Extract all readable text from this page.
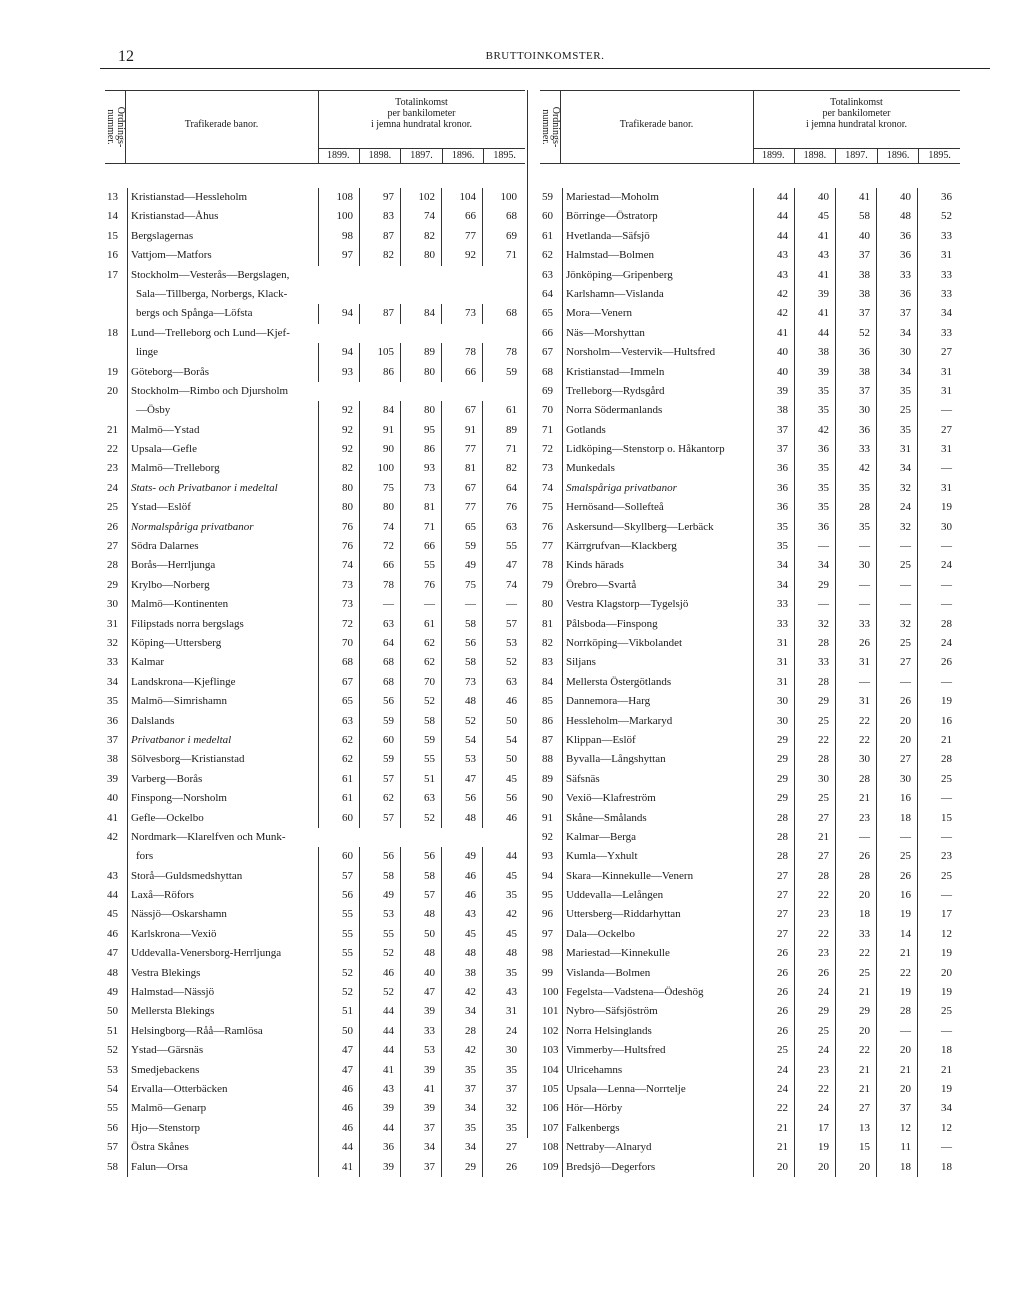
12	BRUTTOINKOMSTER.
Ordnings-nummer.	Trafikerade banor.
Totalinkomst
per bankilometer
i jemna hundratal kronor.
1899.	1898.	1897.	1896.	1895.
13	Kristianstad—Hessleholm	108	97	102	104	100
14	Kristianstad—Åhus	100	83	74	66	68
15	Bergslagernas	98	87	82	77	69
16	Vattjom—Matfors	97	82	80	92	71
17	Stockholm—Vesterås—Bergslagen,
Sala—Tillberga, Norbergs, Klack-
bergs och Spånga—Löfsta	94	87	84	73	68
18	Lund—Trelleborg och Lund—Kjef-
linge	94	105	89	78	78
19	Göteborg—Borås	93	86	80	66	59
20	Stockholm—Rimbo och Djursholm
—Ösby	92	84	80	67	61
21	Malmö—Ystad	92	91	95	91	89
22	Upsala—Gefle	92	90	86	77	71
23	Malmö—Trelleborg	82	100	93	81	82
24	Stats- och Privatbanor i medeltal	80	75	73	67	64
25	Ystad—Eslöf	80	80	81	77	76
26	Normalspåriga privatbanor	76	74	71	65	63
27	Södra Dalarnes	76	72	66	59	55
28	Borås—Herrljunga	74	66	55	49	47
29	Krylbo—Norberg	73	78	76	75	74
30	Malmö—Kontinenten	73	—	—	—	—
31	Filipstads norra bergslags	72	63	61	58	57
32	Köping—Uttersberg	70	64	62	56	53
33	Kalmar	68	68	62	58	52
34	Landskrona—Kjeflinge	67	68	70	73	63
35	Malmö—Simrishamn	65	56	52	48	46
36	Dalslands	63	59	58	52	50
37	Privatbanor i medeltal	62	60	59	54	54
38	Sölvesborg—Kristianstad	62	59	55	53	50
39	Varberg—Borås	61	57	51	47	45
40	Finspong—Norsholm	61	62	63	56	56
41	Gefle—Ockelbo	60	57	52	48	46
42	Nordmark—Klarelfven och Munk-
fors	60	56	56	49	44
43	Storå—Guldsmedshyttan	57	58	58	46	45
44	Laxå—Röfors	56	49	57	46	35
45	Nässjö—Oskarshamn	55	53	48	43	42
46	Karlskrona—Vexiö	55	55	50	45	45
47	Uddevalla-Venersborg-Herrljunga	55	52	48	48	48
48	Vestra Blekings	52	46	40	38	35
49	Halmstad—Nässjö	52	52	47	42	43
50	Mellersta Blekings	51	44	39	34	31
51	Helsingborg—Råå—Ramlösa	50	44	33	28	24
52	Ystad—Gärsnäs	47	44	53	42	30
53	Smedjebackens	47	41	39	35	35
54	Ervalla—Otterbäcken	46	43	41	37	37
55	Malmö—Genarp	46	39	39	34	32
56	Hjo—Stenstorp	46	44	37	35	35
57	Östra Skånes	44	36	34	34	27
58	Falun—Orsa	41	39	37	29	26
Ordnings-nummer.	Trafikerade banor.
Totalinkomst
per bankilometer
i jemna hundratal kronor.
1899.	1898.	1897.	1896.	1895.
59	Mariestad—Moholm	44	40	41	40	36
60	Börringe—Östratorp	44	45	58	48	52
61	Hvetlanda—Säfsjö	44	41	40	36	33
62	Halmstad—Bolmen	43	43	37	36	31
63	Jönköping—Gripenberg	43	41	38	33	33
64	Karlshamn—Vislanda	42	39	38	36	33
65	Mora—Venern	42	41	37	37	34
66	Näs—Morshyttan	41	44	52	34	33
67	Norsholm—Vestervik—Hultsfred	40	38	36	30	27
68	Kristianstad—Immeln	40	39	38	34	31
69	Trelleborg—Rydsgård	39	35	37	35	31
70	Norra Södermanlands	38	35	30	25	—
71	Gotlands	37	42	36	35	27
72	Lidköping—Stenstorp o. Håkantorp	37	36	33	31	31
73	Munkedals	36	35	42	34	—
74	Smalspåriga privatbanor	36	35	35	32	31
75	Hernösand—Sollefteå	36	35	28	24	19
76	Askersund—Skyllberg—Lerbäck	35	36	35	32	30
77	Kärrgrufvan—Klackberg	35	—	—	—	—
78	Kinds härads	34	34	30	25	24
79	Örebro—Svartå	34	29	—	—	—
80	Vestra Klagstorp—Tygelsjö	33	—	—	—	—
81	Pålsboda—Finspong	33	32	33	32	28
82	Norrköping—Vikbolandet	31	28	26	25	24
83	Siljans	31	33	31	27	26
84	Mellersta Östergötlands	31	28	—	—	—
85	Dannemora—Harg	30	29	31	26	19
86	Hessleholm—Markaryd	30	25	22	20	16
87	Klippan—Eslöf	29	22	22	20	21
88	Byvalla—Långshyttan	29	28	30	27	28
89	Säfsnäs	29	30	28	30	25
90	Vexiö—Klafreström	29	25	21	16	—
91	Skåne—Smålands	28	27	23	18	15
92	Kalmar—Berga	28	21	—	—	—
93	Kumla—Yxhult	28	27	26	25	23
94	Skara—Kinnekulle—Venern	27	28	28	26	25
95	Uddevalla—Lelången	27	22	20	16	—
96	Uttersberg—Riddarhyttan	27	23	18	19	17
97	Dala—Ockelbo	27	22	33	14	12
98	Mariestad—Kinnekulle	26	23	22	21	19
99	Vislanda—Bolmen	26	26	25	22	20
100 Fegelsta—Vadstena—Ödeshög	26	24	21	19	19
101 Nybro—Säfsjöström	26	29	29	28	25
102 Norra Helsinglands	26	25	20	—	—
103 Vimmerby—Hultsfred	25	24	22	20	18
104 Ulricehamns	24	23	21	21	21
105 Upsala—Lenna—Norrtelje	24	22	21	20	19
106 Hör—Hörby	22	24	27	37	34
107 Falkenbergs	21	17	13	12	12
108 Nettraby—Alnaryd	21	19	15	11	—
109 Bredsjö—Degerfors	20	20	20	18	18
